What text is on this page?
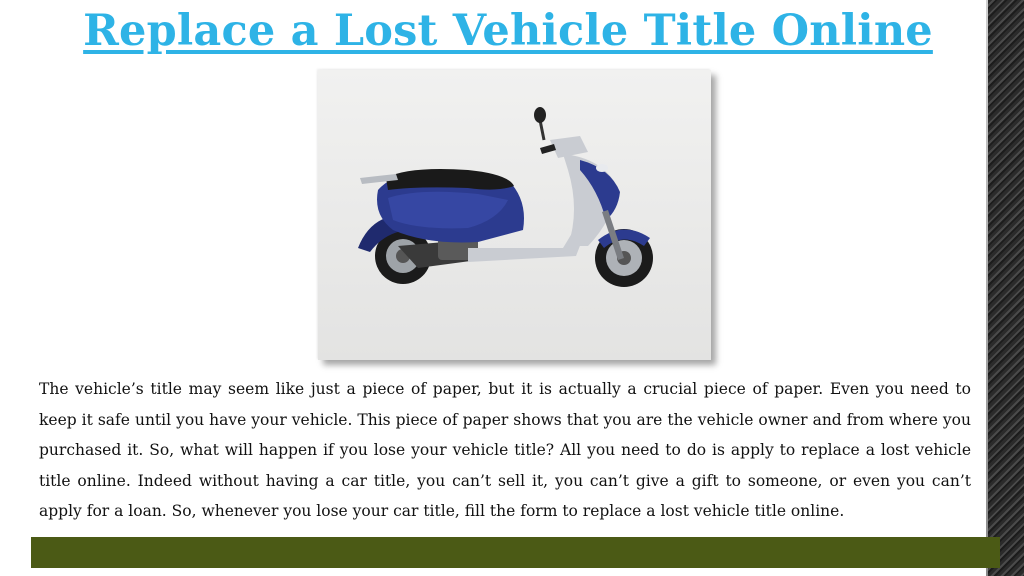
Replace a Lost Vehicle Title Online
The vehicle’s title may seem like just a piece of paper, but it is actually a crucial piece of paper. Even you need to keep it safe until you have your vehicle. This piece of paper shows that you are the vehicle owner and from where you purchased it. So, what will happen if you lose your vehicle title? All you need to do is apply to replace a lost vehicle title online. Indeed without having a car title, you can’t sell it, you can’t give a gift to someone, or even you can’t apply for a loan. So, whenever you lose your car title, fill the form to replace a lost vehicle title online.
